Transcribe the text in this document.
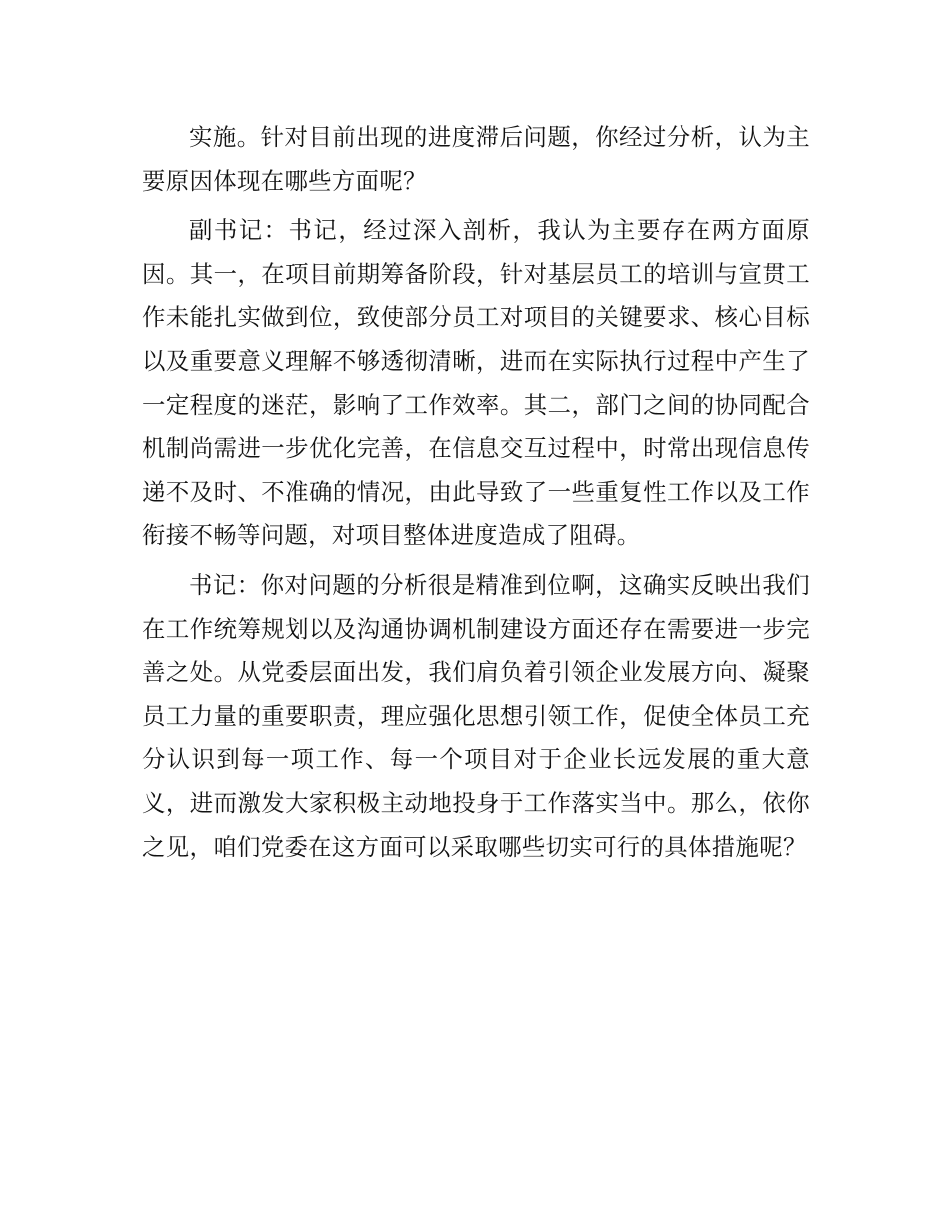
实施。针对目前出现的进度滞后问题，你经过分析，认为主要原因体现在哪些方面呢？

副书记：书记，经过深入剖析，我认为主要存在两方面原因。其一，在项目前期筹备阶段，针对基层员工的培训与宣贯工作未能扎实做到位，致使部分员工对项目的关键要求、核心目标以及重要意义理解不够透彻清晰，进而在实际执行过程中产生了一定程度的迷茫，影响了工作效率。其二，部门之间的协同配合机制尚需进一步优化完善，在信息交互过程中，时常出现信息传递不及时、不准确的情况，由此导致了一些重复性工作以及工作衔接不畅等问题，对项目整体进度造成了阻碍。

书记：你对问题的分析很是精准到位啊，这确实反映出我们在工作统筹规划以及沟通协调机制建设方面还存在需要进一步完善之处。从党委层面出发，我们肩负着引领企业发展方向、凝聚员工力量的重要职责，理应强化思想引领工作，促使全体员工充分认识到每一项工作、每一个项目对于企业长远发展的重大意义，进而激发大家积极主动地投身于工作落实当中。那么，依你之见，咱们党委在这方面可以采取哪些切实可行的具体措施呢？
